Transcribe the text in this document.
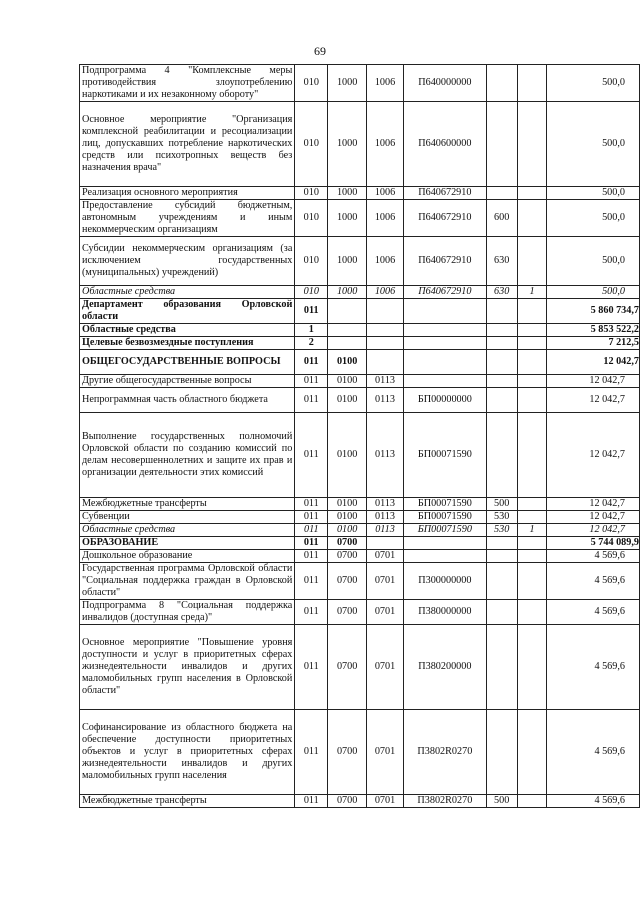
69
Подпрограмма 4 "Комплексные меры противодействия злоупотреблению наркотиками и их незаконному обороту"	010	1000	1006	П640000000			500,0
Основное мероприятие "Организация комплексной реабилитации и ресоциализации лиц, допускавших потребление наркотических средств или психотропных веществ без назначения врача"	010	1000	1006	П640600000			500,0
Реализация основного мероприятия	010	1000	1006	П640672910			500,0
Предоставление субсидий бюджетным, автономным учреждениям и иным некоммерческим организациям	010	1000	1006	П640672910	600		500,0
Субсидии некоммерческим организациям (за исключением государственных (муниципальных) учреждений)	010	1000	1006	П640672910	630		500,0
Областные средства	010	1000	1006	П640672910	630	1	500,0
Департамент образования Орловской области	011						5 860 734,7
Областные средства	1						5 853 522,2
Целевые безвозмездные поступления	2						7 212,5
ОБЩЕГОСУДАРСТВЕННЫЕ ВОПРОСЫ	011	0100					12 042,7
Другие общегосударственные вопросы	011	0100	0113				12 042,7
Непрограммная часть областного бюджета	011	0100	0113	БП00000000			12 042,7
Выполнение государственных полномочий Орловской области по созданию комиссий по делам несовершеннолетних и защите их прав и организации деятельности этих комиссий	011	0100	0113	БП00071590			12 042,7
Межбюджетные трансферты	011	0100	0113	БП00071590	500		12 042,7
Субвенции	011	0100	0113	БП00071590	530		12 042,7
Областные средства	011	0100	0113	БП00071590	530	1	12 042,7
ОБРАЗОВАНИЕ	011	0700					5 744 089,9
Дошкольное образование	011	0700	0701				4 569,6
Государственная программа Орловской области "Социальная поддержка граждан в Орловской области"	011	0700	0701	П300000000			4 569,6
Подпрограмма 8 "Социальная поддержка инвалидов (доступная среда)"	011	0700	0701	П380000000			4 569,6
Основное мероприятие "Повышение уровня доступности и услуг в приоритетных сферах жизнедеятельности инвалидов и других маломобильных групп населения в Орловской области"	011	0700	0701	П380200000			4 569,6
Софинансирование из областного бюджета на обеспечение доступности приоритетных объектов и услуг в приоритетных сферах жизнедеятельности инвалидов и других маломобильных групп населения	011	0700	0701	П3802R0270			4 569,6
Межбюджетные трансферты	011	0700	0701	П3802R0270	500		4 569,6
